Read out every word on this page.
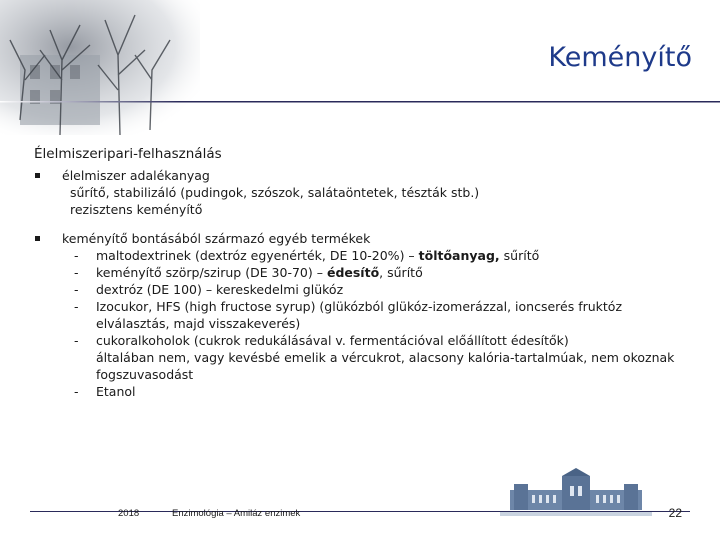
Keményítő
Élelmiszeripari-felhasználás
élelmiszer adalékanyag
sűrítő, stabilizáló (pudingok, szószok, salátaöntetek, tészták stb.)
rezisztens keményítő
keményítő bontásából származó egyéb termékek
- maltodextrinek (dextróz egyenérték, DE 10-20%) – töltőanyag, sűrítő
- keményítő szörp/szirup (DE 30-70) – édesítő, sűrítő
- dextróz (DE 100) – kereskedelmi glükóz
- Izocukor, HFS (high fructose syrup) (glükózból glükóz-izomerázzal, ioncserés fruktóz
elválasztás, majd visszakeverés)
- cukoralkoholok (cukrok redukálásával v. fermentációval előállított édesítők)
általában nem, vagy kevésbé emelik a vércukrot, alacsony kalória-tartalmúak, nem okoznak
fogszuvasodást
- Etanol
2018	Enzimológia – Amiláz enzimek	22
